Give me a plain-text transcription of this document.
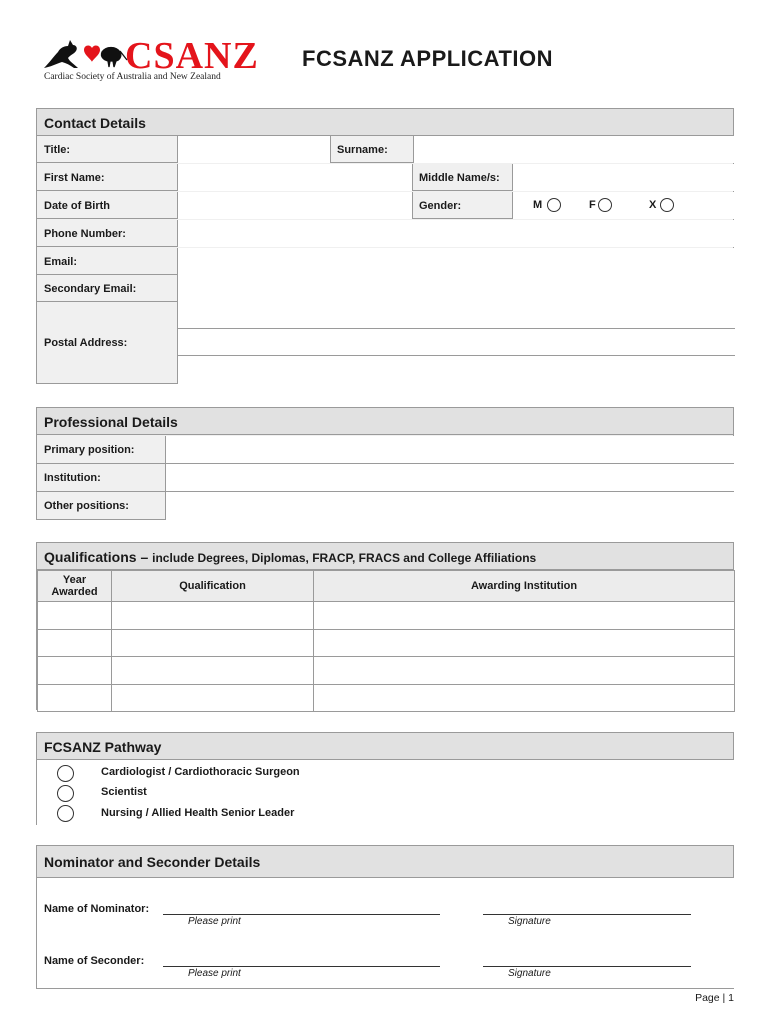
CSANZ
Cardiac Society of Australia and New Zealand
FCSANZ APPLICATION
Contact Details
Title:	Surname:
First Name:	Middle Name/s:
Date of Birth	Gender:	M	F	X
Phone Number:
Email:
Secondary Email:
Postal Address:
Professional Details
Primary position:
Institution:
Other positions:
Qualifications – include Degrees, Diplomas, FRACP, FRACS and College Affiliations
Year Awarded	Qualification	Awarding Institution

FCSANZ Pathway
Cardiologist / Cardiothoracic Surgeon
Scientist
Nursing / Allied Health Senior Leader
Nominator and Seconder Details
Name of Nominator:
Please print	Signature
Name of Seconder:
Please print	Signature
Page | 1
